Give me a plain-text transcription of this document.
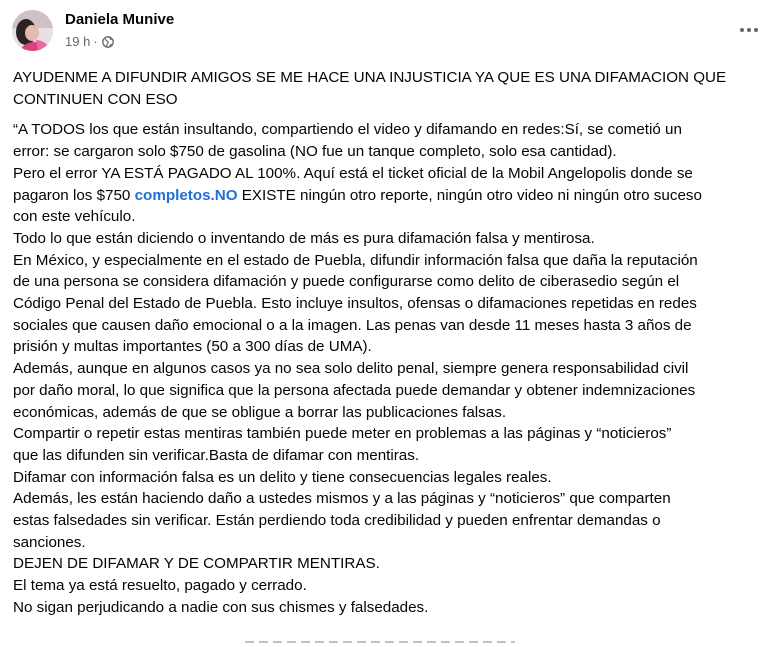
Daniela Munive
19 h ·

AYUDENME A DIFUNDIR AMIGOS SE ME HACE UNA INJUSTICIA YA QUE ES UNA DIFAMACION QUE

CONTINUEN CON ESO

“A TODOS los que están insultando, compartiendo el video y difamando en redes:Sí, se cometió un

error: se cargaron solo $750 de gasolina (NO fue un tanque completo, solo esa cantidad).

Pero el error YA ESTÁ PAGADO AL 100%. Aquí está el ticket oficial de la Mobil Angelopolis donde se

pagaron los $750 completos.NO EXISTE ningún otro reporte, ningún otro video ni ningún otro suceso

con este vehículo.

Todo lo que están diciendo o inventando de más es pura difamación falsa y mentirosa.

En México, y especialmente en el estado de Puebla, difundir información falsa que daña la reputación

de una persona se considera difamación y puede configurarse como delito de ciberasedio según el

Código Penal del Estado de Puebla. Esto incluye insultos, ofensas o difamaciones repetidas en redes

sociales que causen daño emocional o a la imagen. Las penas van desde 11 meses hasta 3 años de

prisión y multas importantes (50 a 300 días de UMA).

Además, aunque en algunos casos ya no sea solo delito penal, siempre genera responsabilidad civil

por daño moral, lo que significa que la persona afectada puede demandar y obtener indemnizaciones

económicas, además de que se obligue a borrar las publicaciones falsas.

Compartir o repetir estas mentiras también puede meter en problemas a las páginas y “noticieros”

que las difunden sin verificar.Basta de difamar con mentiras.

Difamar con información falsa es un delito y tiene consecuencias legales reales.

Además, les están haciendo daño a ustedes mismos y a las páginas y “noticieros” que comparten

estas falsedades sin verificar. Están perdiendo toda credibilidad y pueden enfrentar demandas o

sanciones.

DEJEN DE DIFAMAR Y DE COMPARTIR MENTIRAS.

El tema ya está resuelto, pagado y cerrado.

No sigan perjudicando a nadie con sus chismes y falsedades.
